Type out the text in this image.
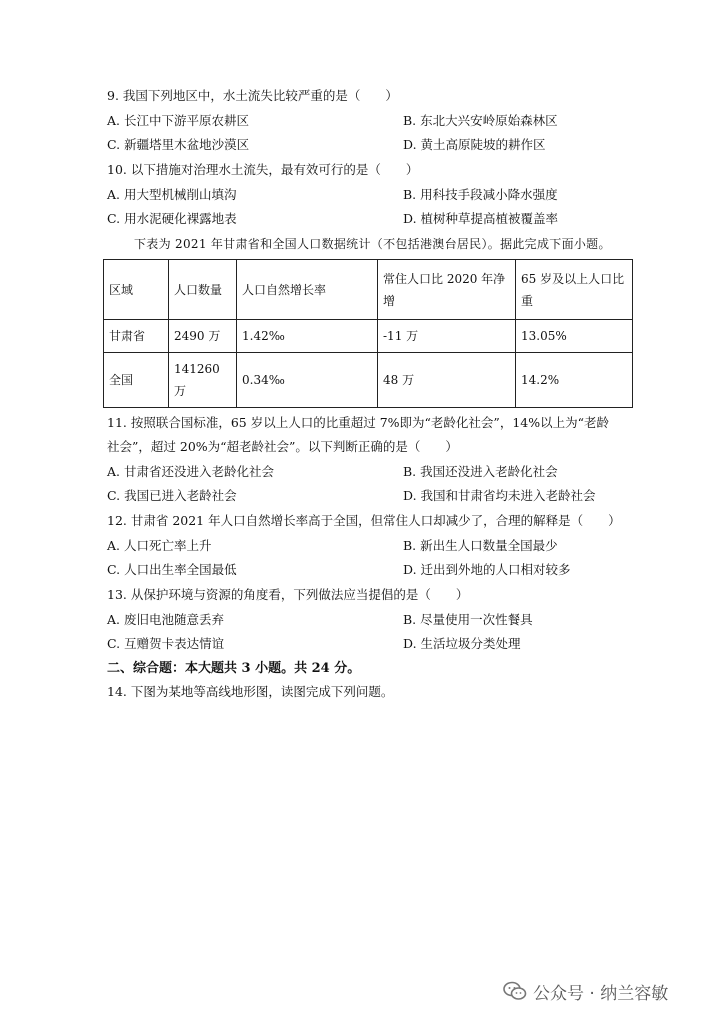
9. 我国下列地区中，水土流失比较严重的是（　　）
A. 长江中下游平原农耕区	B. 东北大兴安岭原始森林区
C. 新疆塔里木盆地沙漠区	D. 黄土高原陡坡的耕作区
10. 以下措施对治理水土流失，最有效可行的是（　　）
A. 用大型机械削山填沟	B. 用科技手段减小降水强度
C. 用水泥硬化裸露地表	D. 植树种草提高植被覆盖率
下表为 2021 年甘肃省和全国人口数据统计（不包括港澳台居民）。据此完成下面小题。
区域	人口数量	人口自然增长率	常住人口比 2020 年净增	65 岁及以上人口比重
甘肃省	2490 万	1.42‰	-11 万	13.05%
全国	141260 万	0.34‰	48 万	14.2%
11. 按照联合国标准，65 岁以上人口的比重超过 7%即为“老龄化社会”，14%以上为“老龄
社会”，超过 20%为“超老龄社会”。以下判断正确的是（　　）
A. 甘肃省还没进入老龄化社会	B. 我国还没进入老龄化社会
C. 我国已进入老龄社会	D. 我国和甘肃省均未进入老龄社会
12. 甘肃省 2021 年人口自然增长率高于全国，但常住人口却减少了，合理的解释是（　　）
A. 人口死亡率上升	B. 新出生人口数量全国最少
C. 人口出生率全国最低	D. 迁出到外地的人口相对较多
13. 从保护环境与资源的角度看，下列做法应当提倡的是（　　）
A. 废旧电池随意丢弃	B. 尽量使用一次性餐具
C. 互赠贺卡表达情谊	D. 生活垃圾分类处理
二、综合题：本大题共 3 小题。共 24 分。
14. 下图为某地等高线地形图，读图完成下列问题。
公众号 · 纳兰容敏
